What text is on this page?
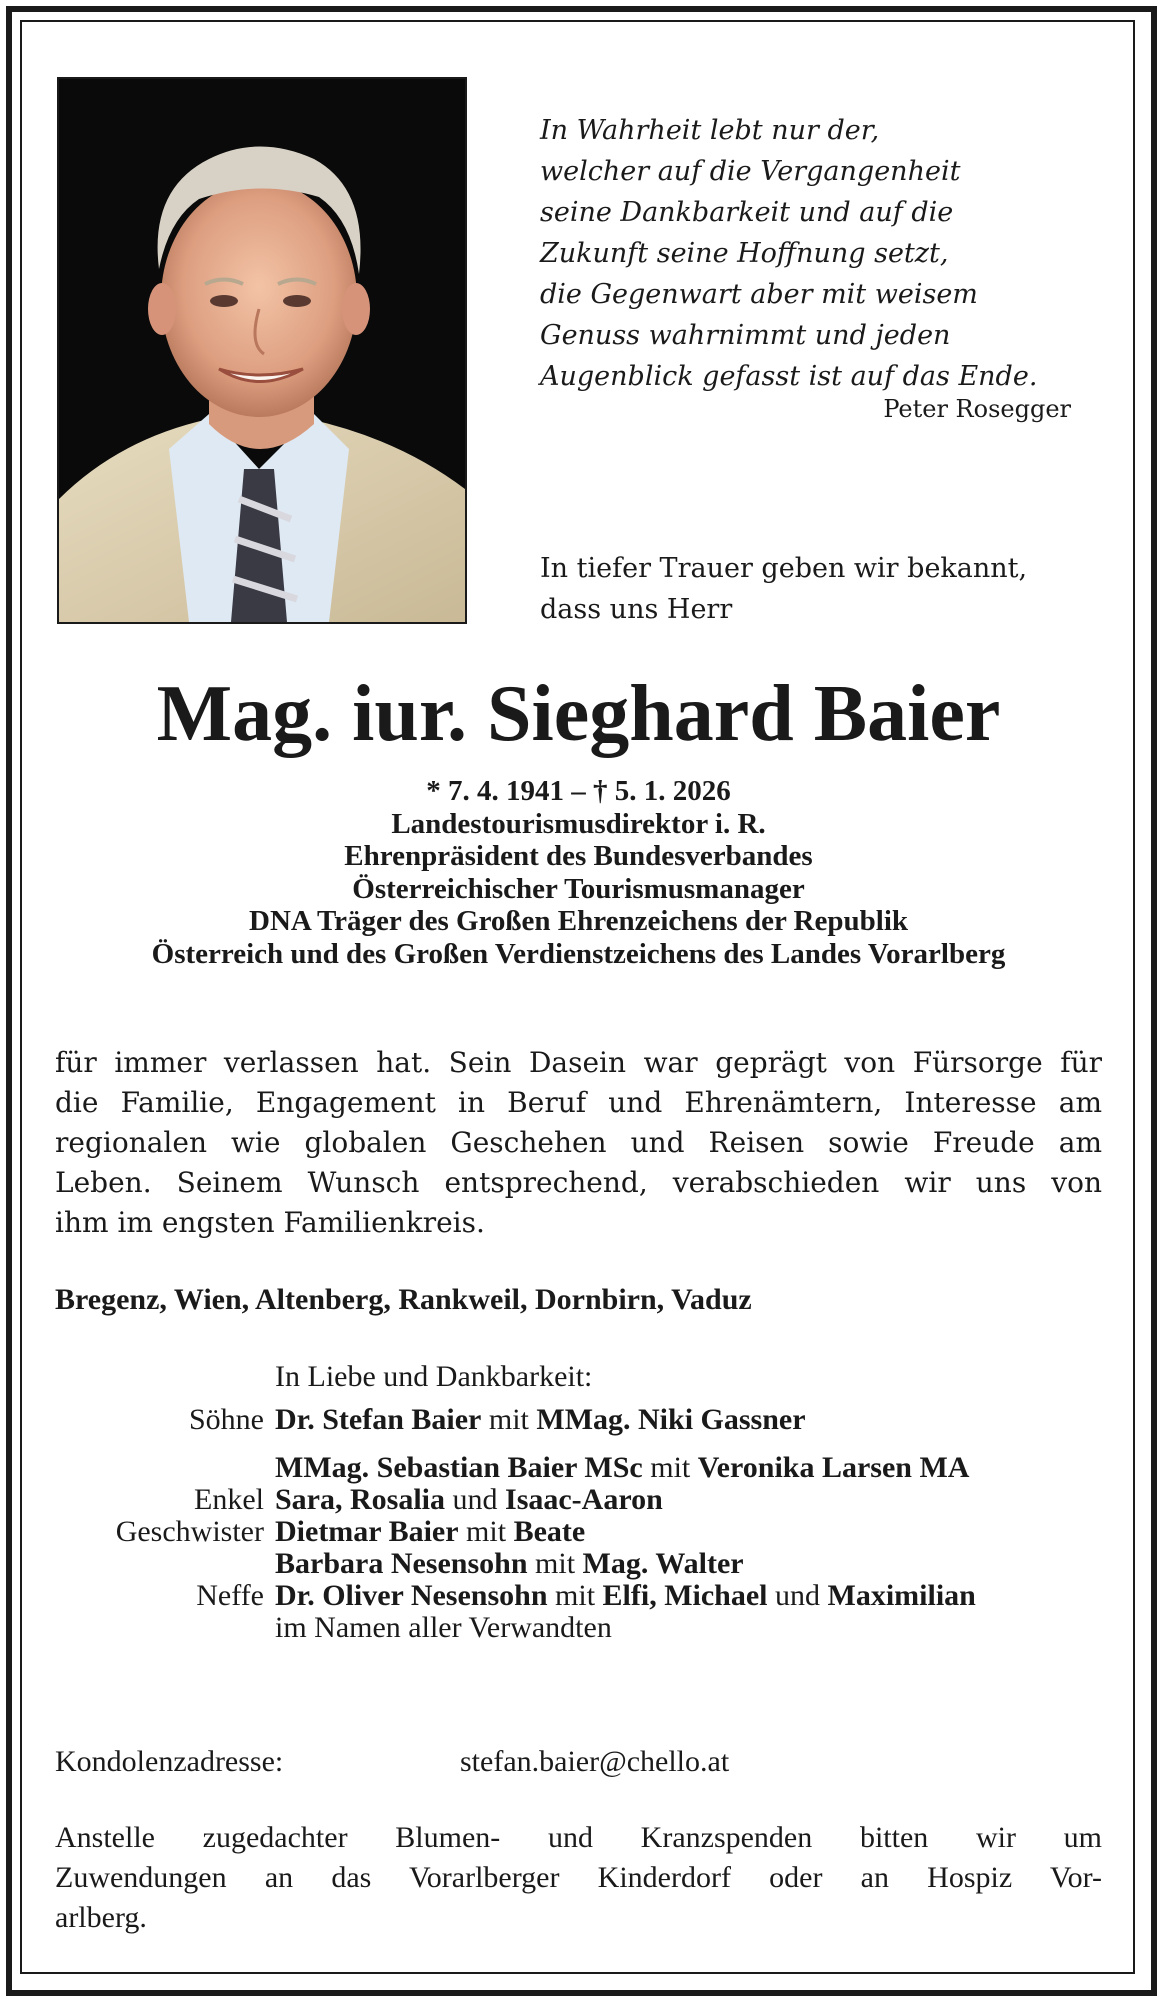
In Wahrheit lebt nur der,
welcher auf die Vergangenheit
seine Dankbarkeit und auf die
Zukunft seine Hoffnung setzt,
die Gegenwart aber mit weisem
Genuss wahrnimmt und jeden
Augenblick gefasst ist auf das Ende.
Peter Rosegger
In tiefer Trauer geben wir bekannt,
dass uns Herr
Mag. iur. Sieghard Baier
* 7. 4. 1941 – † 5. 1. 2026
Landestourismusdirektor i. R.
Ehrenpräsident des Bundesverbandes
Österreichischer Tourismusmanager
DNA Träger des Großen Ehrenzeichens der Republik
Österreich und des Großen Verdienstzeichens des Landes Vorarlberg
für immer verlassen hat. Sein Dasein war geprägt von Fürsorge für
die Familie, Engagement in Beruf und Ehrenämtern, Interesse am
regionalen wie globalen Geschehen und Reisen sowie Freude am
Leben. Seinem Wunsch entsprechend, verabschieden wir uns von
ihm im engsten Familienkreis.
Bregenz, Wien, Altenberg, Rankweil, Dornbirn, Vaduz
In Liebe und Dankbarkeit:
Söhne Dr. Stefan Baier mit MMag. Niki Gassner
MMag. Sebastian Baier MSc mit Veronika Larsen MA
Enkel Sara, Rosalia und Isaac-Aaron
Geschwister Dietmar Baier mit Beate
Barbara Nesensohn mit Mag. Walter
Neffe Dr. Oliver Nesensohn mit Elfi, Michael und Maximilian
im Namen aller Verwandten
Kondolenzadresse:	stefan.baier@chello.at
Anstelle zugedachter Blumen- und Kranzspenden bitten wir um
Zuwendungen an das Vorarlberger Kinderdorf oder an Hospiz Vor-
arlberg.
